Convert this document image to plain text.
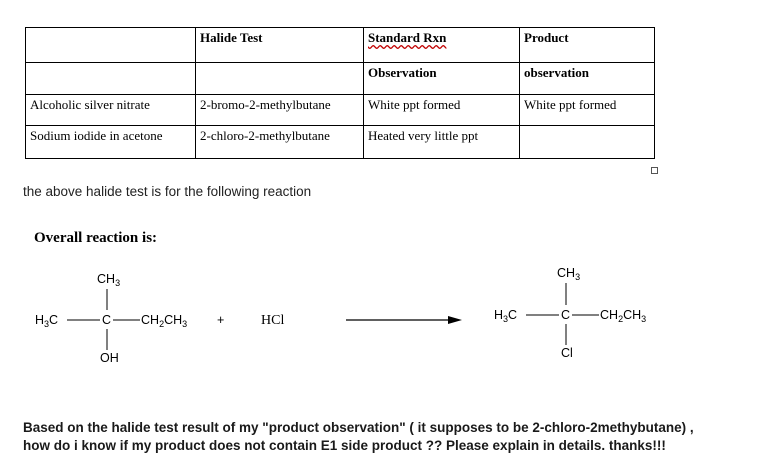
	Halide Test	Standard Rxn	Product
		Observation	observation
Alcoholic silver nitrate	2-bromo-2-methylbutane	White ppt formed	White ppt formed
Sodium iodide in acetone	2-chloro-2-methylbutane	Heated very little ppt	
the above halide test is for the following reaction
Overall reaction is:
$CH_3$
$H_3C$	C $CH_2CH_3$
OH
+	HCl
$CH_3$
$H_3C$	C $CH_2CH_3$
Cl
Based on the halide test result of my "product observation" ( it supposes to be 2-chloro-2methybutane) ,
how do i know if my product does not contain E1 side product ?? Please explain in details. thanks!!!
